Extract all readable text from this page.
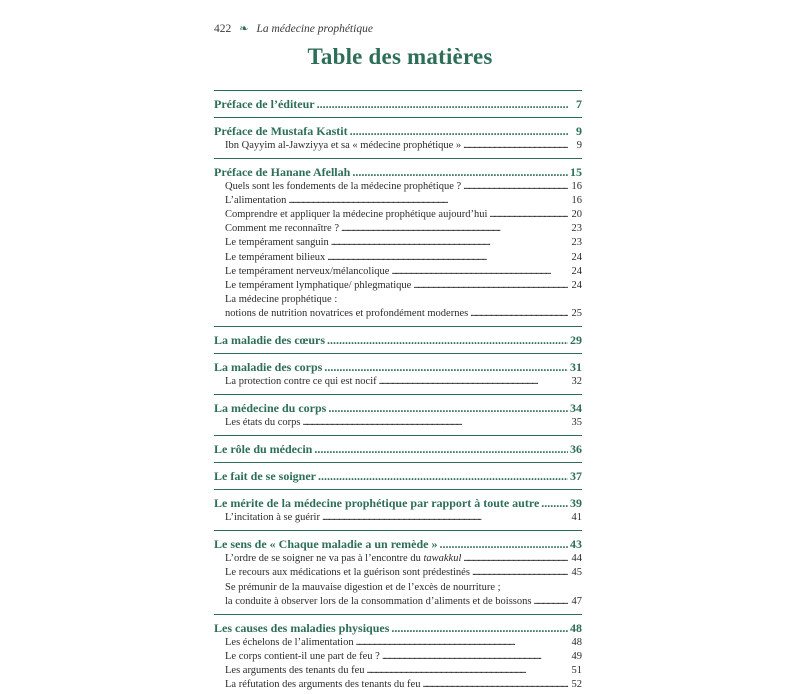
422 ❧ La médecine prophétique
Table des matières
Préface de l’éditeur . . .	7
Préface de Mustafa Kastit . . .	9
Ibn Qayyim al-Jawziyya et sa « médecine prophétique » . . .	9
Préface de Hanane Afellah . . .	15
Quels sont les fondements de la médecine prophétique ? . . .	16
L’alimentation . . .	16
Comprendre et appliquer la médecine prophétique aujourd’hui . . .	20
Comment me reconnaître ? . . .	23
Le tempérament sanguin . . .	23
Le tempérament bilieux . . .	24
Le tempérament nerveux/mélancolique . . .	24
Le tempérament lymphatique/ phlegmatique . . .	24
La médecine prophétique :
notions de nutrition novatrices et profondément modernes . . .	25
La maladie des cœurs . . .	29
La maladie des corps . . .	31
La protection contre ce qui est nocif . . .	32
La médecine du corps . . .	34
Les états du corps . . .	35
Le rôle du médecin . . .	36
Le fait de se soigner . . .	37
Le mérite de la médecine prophétique par rapport à toute autre . . .	39
L’incitation à se guérir . . .	41
Le sens de « Chaque maladie a un remède » . . .	43
L’ordre de se soigner ne va pas à l’encontre du tawakkul . . .	44
Le recours aux médications et la guérison sont prédestinés . . .	45
Se prémunir de la mauvaise digestion et de l’excès de nourriture ;
la conduite à observer lors de la consommation d’aliments et de boissons . . .	47
Les causes des maladies physiques . . .	48
Les échelons de l’alimentation . . .	48
Le corps contient-il une part de feu ? . . .	49
Les arguments des tenants du feu . . .	51
La réfutation des arguments des tenants du feu . . .	52
